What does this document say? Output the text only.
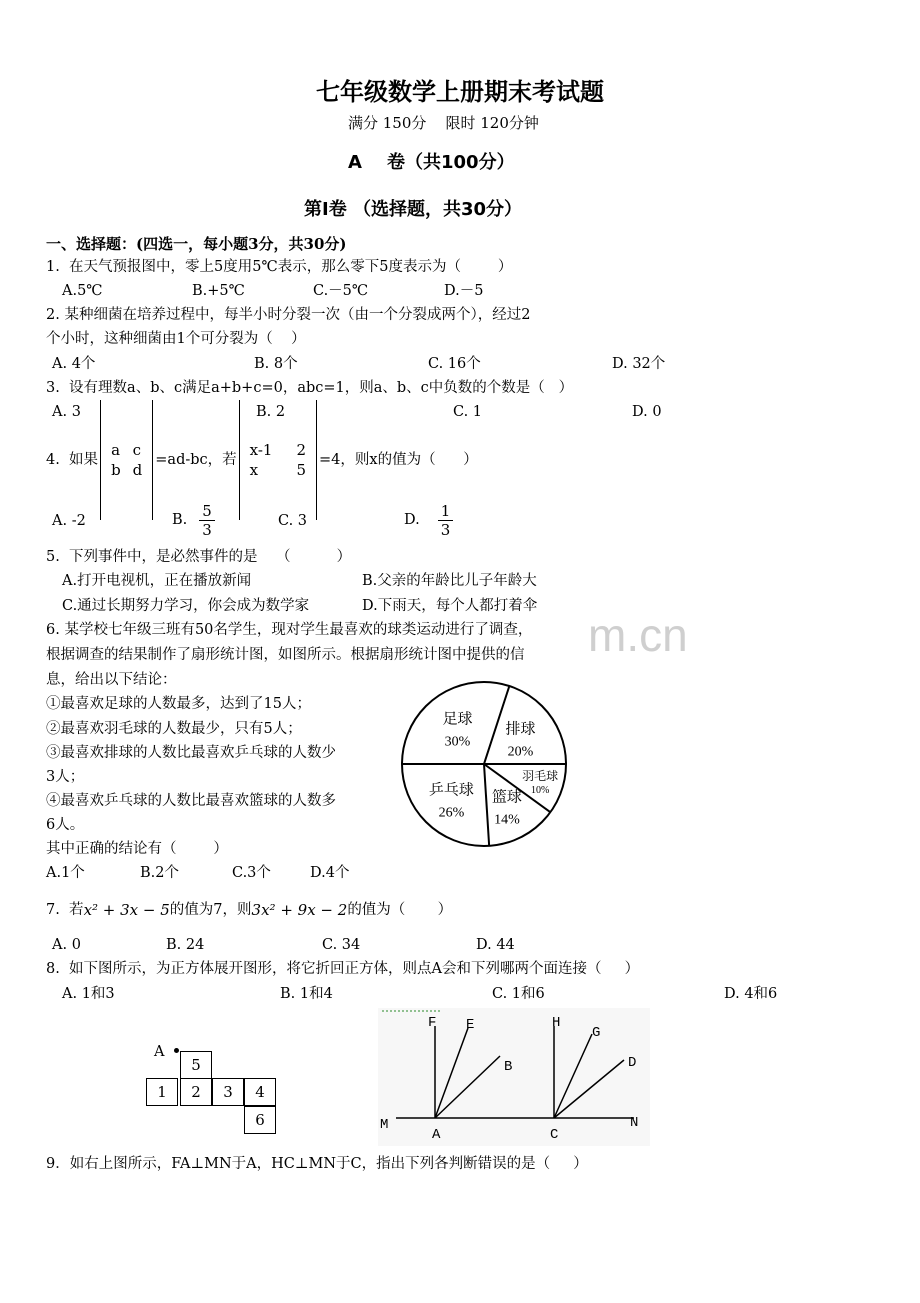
七年级数学上册期末考试题
满分 150分    限时 120分钟
A    卷（共100分）
第Ⅰ卷 （选择题，共30分）
m.cn
一、选择题：(四选一，每小题3分，共30分)
1.  在天气预报图中，零上5度用5℃表示，那么零下5度表示为（        ）
A.5℃	B.+5℃	C.－5℃	D.－5
2. 某种细菌在培养过程中，每半小时分裂一次（由一个分裂成两个），经过2
个小时，这种细菌由1个可分裂为（    ）
A. 4个	B. 8个	C. 16个	D. 32个
3.  设有理数a、b、c满足a+b+c=0，abc=1，则a、b、c中负数的个数是（   ）
A. 3	B. 2	C. 1	D. 0
4.  如果

a	c
b	d

=ad-bc，若

x-1	2
x	5

=4，则x的值为（      ）
A. -2	B. $\frac{5}{3}$	C. 3	D. $\frac{1}{3}$
5.  下列事件中，是必然事件的是    （          ）
A.打开电视机，正在播放新闻	B.父亲的年龄比儿子年龄大
C.通过长期努力学习，你会成为数学家	D.下雨天，每个人都打着伞
6. 某学校七年级三班有50名学生，现对学生最喜欢的球类运动进行了调查，
根据调查的结果制作了扇形统计图，如图所示。根据扇形统计图中提供的信
息，给出以下结论：
①最喜欢足球的人数最多，达到了15人；
②最喜欢羽毛球的人数最少，只有5人；
③最喜欢排球的人数比最喜欢乒乓球的人数少
3人；
④最喜欢乒乓球的人数比最喜欢篮球的人数多
6人。
其中正确的结论有（        ）
A.1个	B.2个	C.3个	D.4个
排球
20%
羽毛球
10%
篮球
14%
乒乓球
26%
足球
30%
7.  若 x² + 3x − 5 的值为7，则 3x² + 9x − 2 的值为（       ）
A. 0	B. 24	C. 34	D. 44
8.  如下图所示，为正方体展开图形，将它折回正方体，则点A会和下列哪两个面连接（     ）
A. 1和3	B. 1和4	C. 1和6	D. 4和6
A
5
1	2	3	4
6
F E
B
H
G
D
M
A	C
N
9．如右上图所示，FA⊥MN于A，HC⊥MN于C，指出下列各判断错误的是（     ）
